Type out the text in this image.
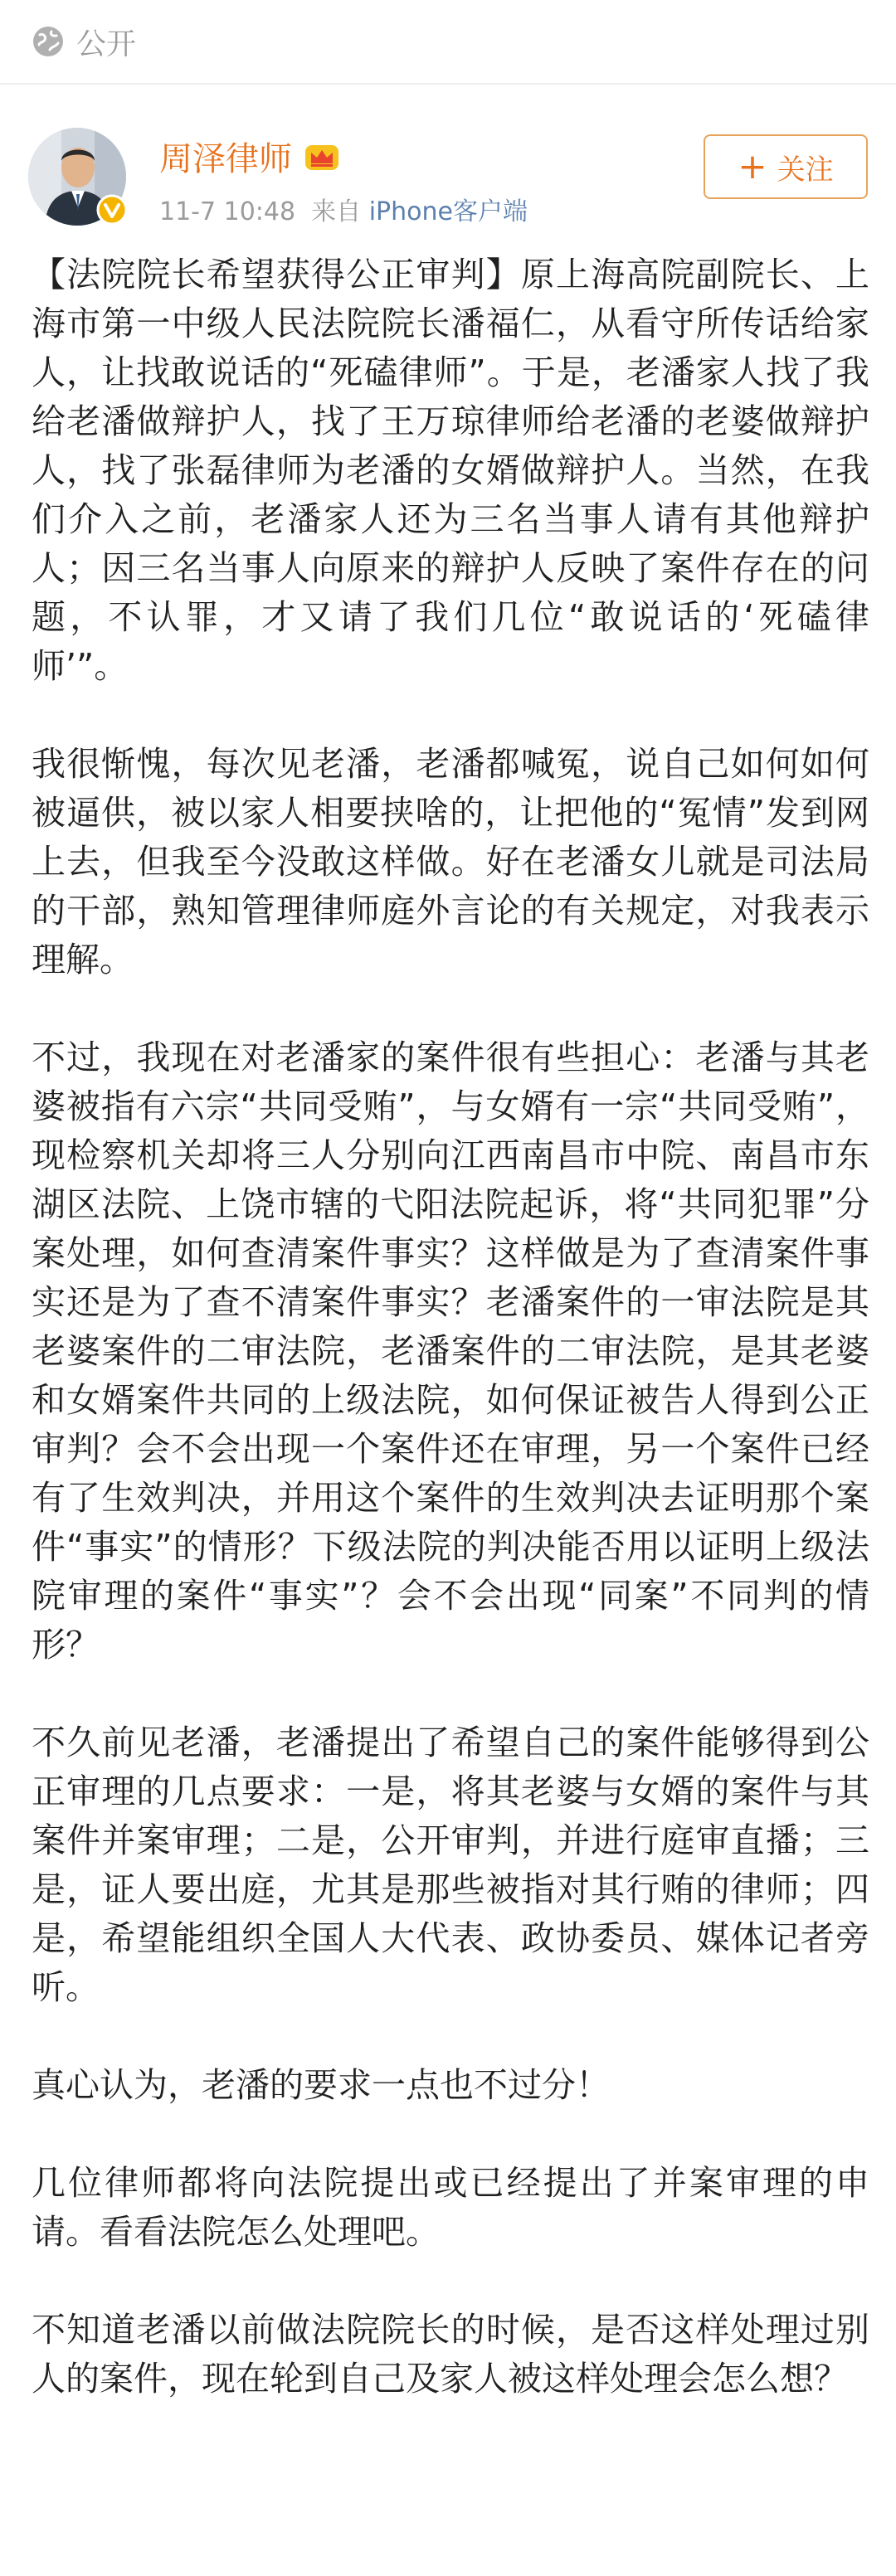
公开
周泽律师
11-7 10:48 来自 iPhone客户端
+ 关注

【法院院长希望获得公正审判】原上海高院副院长、上海市第一中级人民法院院长潘福仁，从看守所传话给家人，让找敢说话的“死磕律师”。于是，老潘家人找了我给老潘做辩护人，找了王万琼律师给老潘的老婆做辩护人，找了张磊律师为老潘的女婿做辩护人。当然，在我们介入之前，老潘家人还为三名当事人请有其他辩护人；因三名当事人向原来的辩护人反映了案件存在的问题，不认罪，才又请了我们几位“敢说话的‘死磕律师’”。

我很惭愧，每次见老潘，老潘都喊冤，说自己如何如何被逼供，被以家人相要挟啥的，让把他的“冤情”发到网上去，但我至今没敢这样做。好在老潘女儿就是司法局的干部，熟知管理律师庭外言论的有关规定，对我表示理解。

不过，我现在对老潘家的案件很有些担心：老潘与其老婆被指有六宗“共同受贿”，与女婿有一宗“共同受贿”，现检察机关却将三人分别向江西南昌市中院、南昌市东湖区法院、上饶市辖的弋阳法院起诉，将“共同犯罪”分案处理，如何查清案件事实？这样做是为了查清案件事实还是为了查不清案件事实？老潘案件的一审法院是其老婆案件的二审法院，老潘案件的二审法院，是其老婆和女婿案件共同的上级法院，如何保证被告人得到公正审判？会不会出现一个案件还在审理，另一个案件已经有了生效判决，并用这个案件的生效判决去证明那个案件“事实”的情形？下级法院的判决能否用以证明上级法院审理的案件“事实”？会不会出现“同案”不同判的情形？

不久前见老潘，老潘提出了希望自己的案件能够得到公正审理的几点要求：一是，将其老婆与女婿的案件与其案件并案审理；二是，公开审判，并进行庭审直播；三是，证人要出庭，尤其是那些被指对其行贿的律师；四是，希望能组织全国人大代表、政协委员、媒体记者旁听。

真心认为，老潘的要求一点也不过分！

几位律师都将向法院提出或已经提出了并案审理的申请。看看法院怎么处理吧。

不知道老潘以前做法院院长的时候，是否这样处理过别人的案件，现在轮到自己及家人被这样处理会怎么想？
